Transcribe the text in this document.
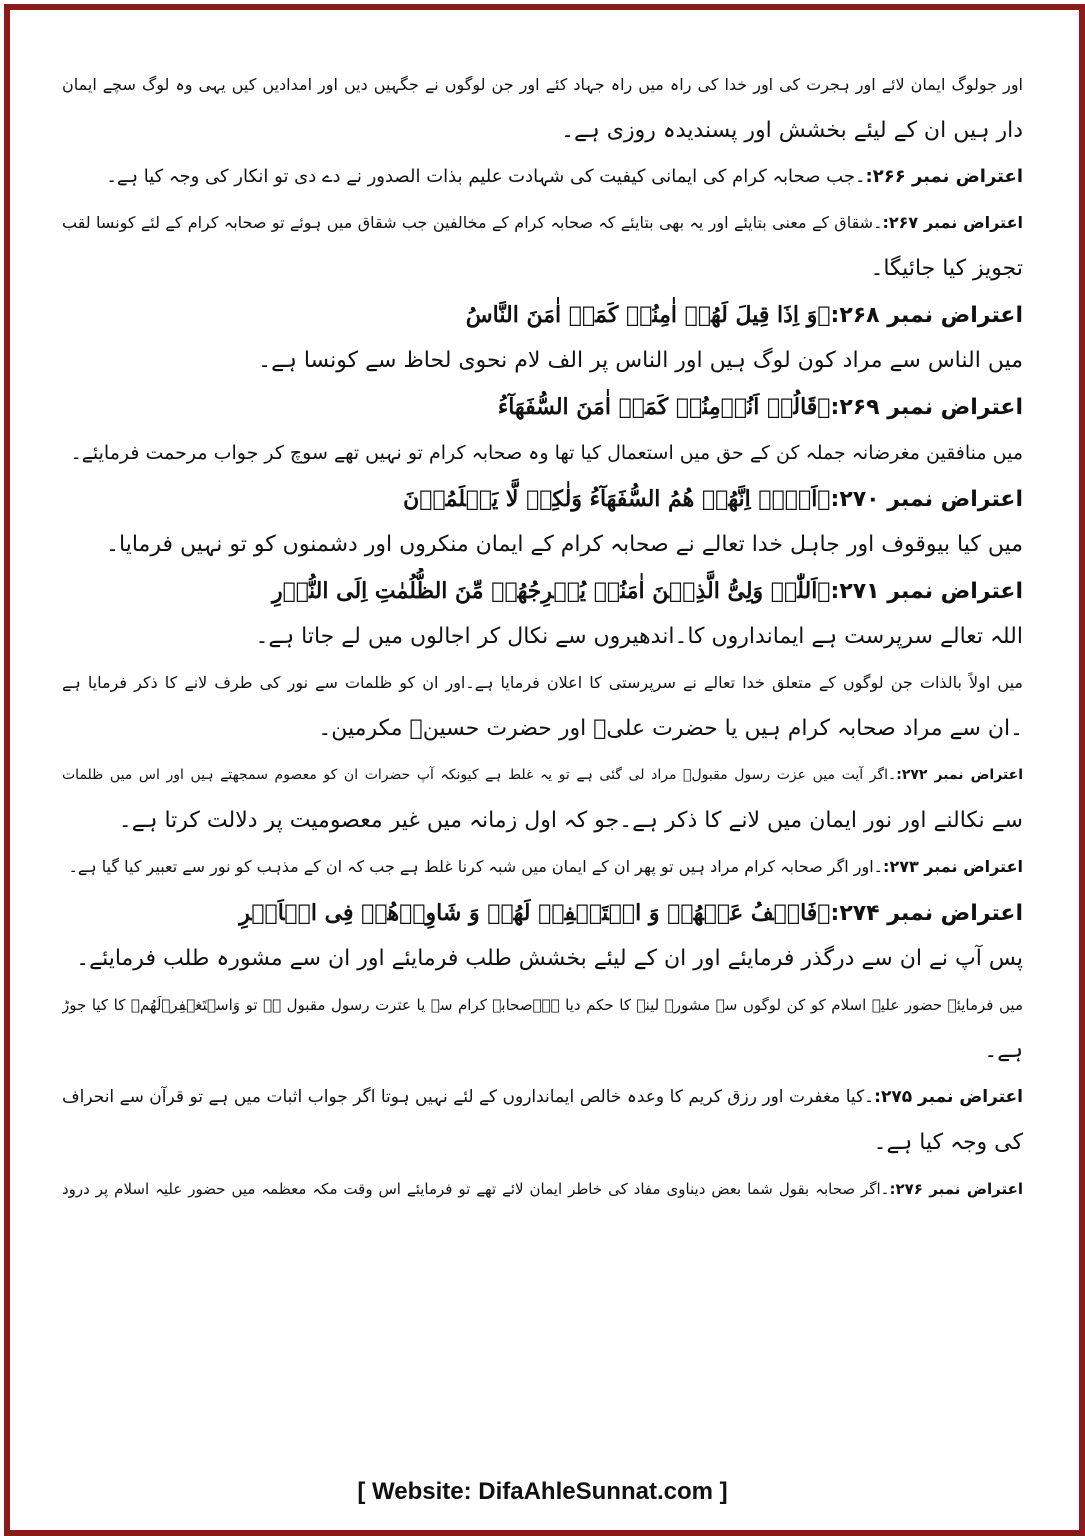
اور جولوگ ایمان لائے اور ہجرت کی اور خدا کی راہ میں راہ جہاد کئے اور جن لوگوں نے جگہیں دیں اور امدادیں کیں یہی وہ لوگ سچے ایمان
دار ہیں ان کے لیئے بخشش اور پسندیدہ روزی ہے۔
اعتراض نمبر ۲۶۶:۔جب صحابہ کرام کی ایمانی کیفیت کی شہادت علیم بذات الصدور نے دے دی تو انکار کی وجہ کیا ہے۔
اعتراض نمبر ۲۶۷:۔شقاق کے معنی بتایئے اور یہ بھی بتایئے کہ صحابہ کرام کے مخالفین جب شقاق میں ہوئے تو صحابہ کرام کے لئے کونسا لقب
تجویز کیا جائیگا۔
اعتراض نمبر ۲۶۸:۔وَ اِذَا قِیلَ لَھُمۡ اٰمِنُوۡ کَمَاۤ اٰمَنَ النَّاسُ
میں الناس سے مراد کون لوگ ہیں اور الناس پر الف لام نحوی لحاظ سے کونسا ہے۔
اعتراض نمبر ۲۶۹:۔قَالُوۡ اَنُؤۡمِنُوۡ کَمَاۤ اٰمَنَ السُّفَھَآءُ
میں منافقین مغرضانہ جملہ کن کے حق میں استعمال کیا تھا وہ صحابہ کرام تو نہیں تھے سوچ کر جواب مرحمت فرمایئے۔
اعتراض نمبر ۲۷۰:۔اَلَاۤ اِنَّھُمۡ ھُمُ السُّفَھَآءُ وَلٰکِنۡ لَّا یَعۡلَمُوۡنَ
میں کیا بیوقوف اور جاہل خدا تعالے نے صحابہ کرام کے ایمان منکروں اور دشمنوں کو تو نہیں فرمایا۔
اعتراض نمبر ۲۷۱:۔اَللّٰہُ وَلِیُّ الَّذِیۡنَ اٰمَنُوۡ یُخۡرِجُھُمۡ مِّنَ الظُّلُمٰتِ اِلَی النُّوۡرِ
اللہ تعالے سرپرست ہے ایمانداروں کا۔اندھیروں سے نکال کر اجالوں میں لے جاتا ہے۔
میں اولاً بالذات جن لوگوں کے متعلق خدا تعالے نے سرپرستی کا اعلان فرمایا ہے۔اور ان کو ظلمات سے نور کی طرف لانے کا ذکر فرمایا ہے
۔ان سے مراد صحابہ کرام ہیں یا حضرت علیؓ اور حضرت حسینؓ مکرمین۔
اعتراض نمبر ۲۷۲:۔اگر آیت میں عزت رسول مقبولؐ مراد لی گئی ہے تو یہ غلط ہے کیونکہ آپ حضرات ان کو معصوم سمجھتے ہیں اور اس میں ظلمات
سے نکالنے اور نور ایمان میں لانے کا ذکر ہے۔جو کہ اول زمانہ میں غیر معصومیت پر دلالت کرتا ہے۔
اعتراض نمبر ۲۷۳:۔اور اگر صحابہ کرام مراد ہیں تو پھر ان کے ایمان میں شبہ کرنا غلط ہے جب کہ ان کے مذہب کو نور سے تعبیر کیا گیا ہے۔
اعتراض نمبر ۲۷۴:۔فَاعۡفُ عَنۡھُمۡ وَ اسۡتَغۡفِرۡ لَھُمۡ وَ شَاوِرۡھُمۡ فِی الۡاَمۡرِ
پس آپ نے ان سے درگذر فرمایئے اور ان کے لیئے بخشش طلب فرمایئے اور ان سے مشورہ طلب فرمایئے۔
میں فرمایئے حضور علیہ اسلام کو کن لوگوں سے مشورہ لینے کا حکم دیا ہے۔صحابہ کرام سے یا عترت رسول مقبول ہے تو وَاسۡتَغۡفِرۡلَھُمۡ کا کیا جوڑ
ہے۔
اعتراض نمبر ۲۷۵:۔کیا مغفرت اور رزق کریم کا وعدہ خالص ایمانداروں کے لئے نہیں ہوتا اگر جواب اثبات میں ہے تو قرآن سے انحراف
کی وجہ کیا ہے۔
اعتراض نمبر ۲۷۶:۔اگر صحابہ بقول شما بعض دیناوی مفاد کی خاطر ایمان لائے تھے تو فرمایئے اس وقت مکہ معظمہ میں حضور علیہ اسلام پر درود
[ Website: DifaAhleSunnat.com ]
